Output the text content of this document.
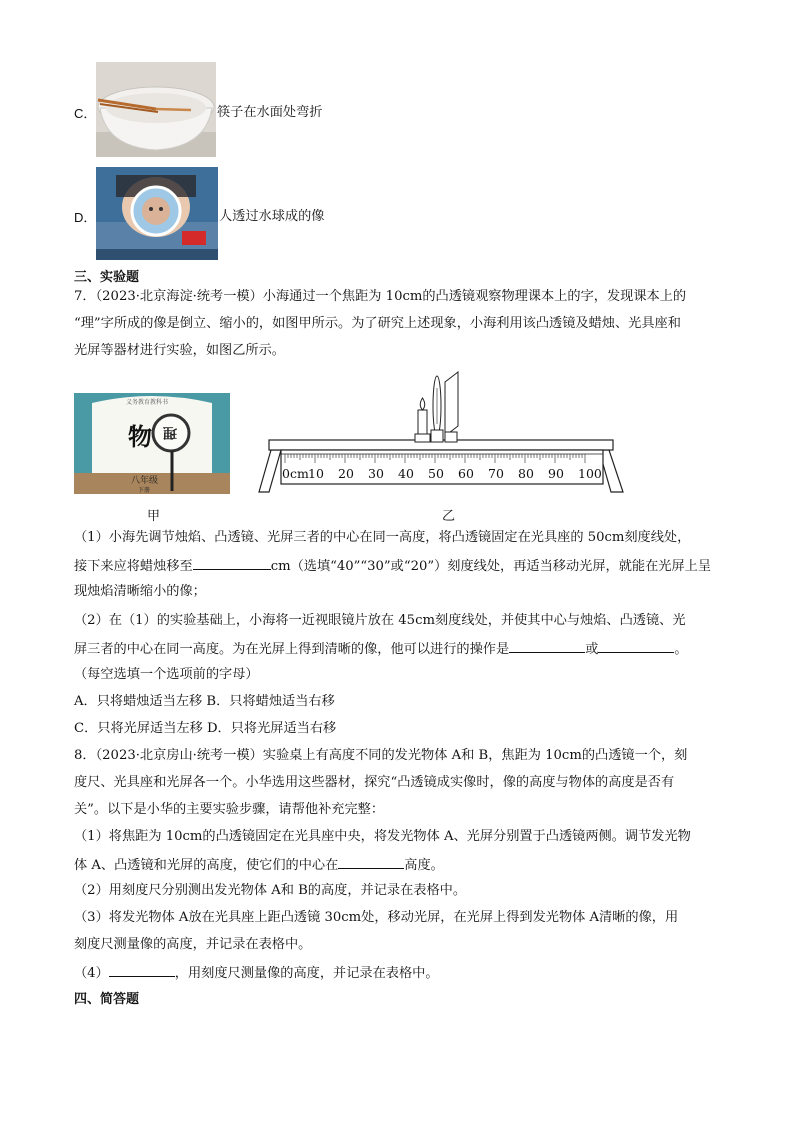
C．	筷子在水面处弯折
D．	人透过水球成的像
三、实验题
7．（2023·北京海淀·统考一模）小海通过一个焦距为 10cm的凸透镜观察物理课本上的字，发现课本上的
“理”字所成的像是倒立、缩小的，如图甲所示。为了研究上述现象，小海利用该凸透镜及蜡烛、光具座和
光屏等器材进行实验，如图乙所示。
义务教育教科书
物 理
八年级
下册
甲
0cm 10 20 30 40 50 60 70 80 90 100
乙
（1）小海先调节烛焰、凸透镜、光屏三者的中心在同一高度，将凸透镜固定在光具座的 50cm刻度线处，
接下来应将蜡烛移至	cm（选填“40”“30”或“20”）刻度线处，再适当移动光屏，就能在光屏上呈
现烛焰清晰缩小的像；
（2）在（1）的实验基础上，小海将一近视眼镜片放在 45cm刻度线处，并使其中心与烛焰、凸透镜、光
屏三者的中心在同一高度。为在光屏上得到清晰的像，他可以进行的操作是	或	。
（每空选填一个选项前的字母）
A．只将蜡烛适当左移 B．只将蜡烛适当右移
C．只将光屏适当左移 D．只将光屏适当右移
8．（2023·北京房山·统考一模）实验桌上有高度不同的发光物体 A和 B，焦距为 10cm的凸透镜一个，刻
度尺、光具座和光屏各一个。小华选用这些器材，探究“凸透镜成实像时，像的高度与物体的高度是否有
关”。以下是小华的主要实验步骤，请帮他补充完整：
（1）将焦距为 10cm的凸透镜固定在光具座中央，将发光物体 A、光屏分别置于凸透镜两侧。调节发光物
体 A、凸透镜和光屏的高度，使它们的中心在	高度。
（2）用刻度尺分别测出发光物体 A和 B的高度，并记录在表格中。
（3）将发光物体 A放在光具座上距凸透镜 30cm处，移动光屏，在光屏上得到发光物体 A清晰的像，用
刻度尺测量像的高度，并记录在表格中。
（4）	，用刻度尺测量像的高度，并记录在表格中。
四、简答题
